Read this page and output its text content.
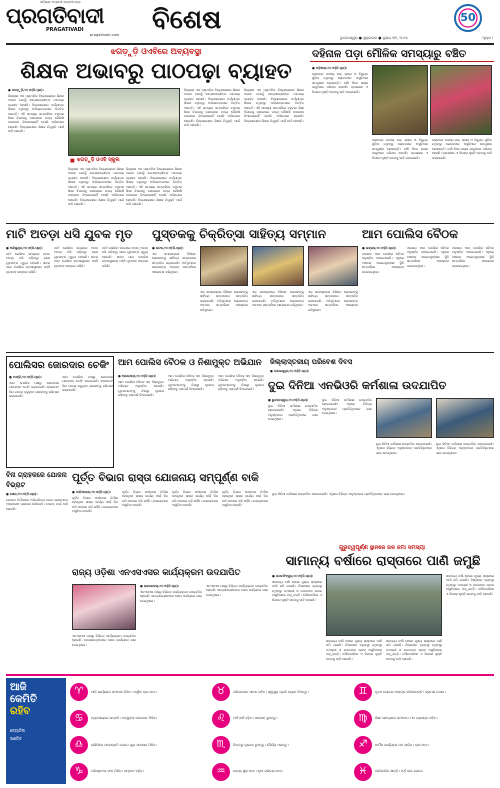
ପ୍ରଗତିବାଦୀ
PRAGATIVADI
ଓଡ଼ିଶାର ଅଗ୍ରଣୀ ସମ୍ବାଦପତ୍ର
pragativadi.com	ବିଶେଷ	50
ଭୁବନେଶ୍ୱର ● ଶୁକ୍ରବାର ● ଜୁଲାଇ ୩୧, ୨୦୨୪	ପୃଷ୍ଠା ୮
ଝଗଡ଼ୁଡ଼ି ଓଏବିରେ ଅବ୍ୟବସ୍ଥା
ଶିକ୍ଷକ ଅଭାବରୁ ପାଠପଢ଼ା ବ୍ୟାହତ
● ଝଗଡ଼ୁଡ଼ି,୨୦।୭(ନି.ପ୍ର):
ଜିଲ୍ଲାର ଏକ ପ୍ରାଥମିକ ବିଦ୍ୟାଳୟରେ ଶିକ୍ଷକ ଅଭାବ ଯୋଗୁଁ ଛାତ୍ରଛାତ୍ରୀଙ୍କ ପାଠପଢ଼ା ବ୍ୟାହତ ହେଉଛି। ବିଦ୍ୟାଳୟରେ ପର୍ଯ୍ୟାପ୍ତ ଶିକ୍ଷକ ନଥିବାରୁ ଅଭିଭାବକମାନେ ଚିନ୍ତିତ ଅଛନ୍ତି। ଏହି ସମସ୍ୟା ସମ୍ପର୍କରେ ବହୁବାର ଶିକ୍ଷା ବିଭାଗକୁ ଜଣାଇଲେ ମଧ୍ୟ କୌଣସି ପଦକ୍ଷେପ ନିଆଯାଇନାହିଁ ବୋଲି ଅଭିଯୋଗ ହୋଇଛି। ବିଦ୍ୟାଳୟରେ ଶିକ୍ଷକ ନିଯୁକ୍ତି ପାଇଁ ଦାବି ହୋଇଛି।
■ ଝଗଡ଼ୁଡ଼ି ଓଏବି ସ୍କୁଲ
ଜିଲ୍ଲାର ଏକ ପ୍ରାଥମିକ ବିଦ୍ୟାଳୟରେ ଶିକ୍ଷକ ଅଭାବ ଯୋଗୁଁ ଛାତ୍ରଛାତ୍ରୀଙ୍କ ପାଠପଢ଼ା ବ୍ୟାହତ ହେଉଛି। ବିଦ୍ୟାଳୟରେ ପର୍ଯ୍ୟାପ୍ତ ଶିକ୍ଷକ ନଥିବାରୁ ଅଭିଭାବକମାନେ ଚିନ୍ତିତ ଅଛନ୍ତି। ଏହି ସମସ୍ୟା ସମ୍ପର୍କରେ ବହୁବାର ଶିକ୍ଷା ବିଭାଗକୁ ଜଣାଇଲେ ମଧ୍ୟ କୌଣସି ପଦକ୍ଷେପ ନିଆଯାଇନାହିଁ ବୋଲି ଅଭିଯୋଗ ହୋଇଛି। ବିଦ୍ୟାଳୟରେ ଶିକ୍ଷକ ନିଯୁକ୍ତି ପାଇଁ ଦାବି ହୋଇଛି।
ଜିଲ୍ଲାର ଏକ ପ୍ରାଥମିକ ବିଦ୍ୟାଳୟରେ ଶିକ୍ଷକ ଅଭାବ ଯୋଗୁଁ ଛାତ୍ରଛାତ୍ରୀଙ୍କ ପାଠପଢ଼ା ବ୍ୟାହତ ହେଉଛି। ବିଦ୍ୟାଳୟରେ ପର୍ଯ୍ୟାପ୍ତ ଶିକ୍ଷକ ନଥିବାରୁ ଅଭିଭାବକମାନେ ଚିନ୍ତିତ ଅଛନ୍ତି। ଏହି ସମସ୍ୟା ସମ୍ପର୍କରେ ବହୁବାର ଶିକ୍ଷା ବିଭାଗକୁ ଜଣାଇଲେ ମଧ୍ୟ କୌଣସି ପଦକ୍ଷେପ ନିଆଯାଇନାହିଁ ବୋଲି ଅଭିଯୋଗ ହୋଇଛି। ବିଦ୍ୟାଳୟରେ ଶିକ୍ଷକ ନିଯୁକ୍ତି ପାଇଁ ଦାବି ହୋଇଛି।
ଜିଲ୍ଲାର ଏକ ପ୍ରାଥମିକ ବିଦ୍ୟାଳୟରେ ଶିକ୍ଷକ ଅଭାବ ଯୋଗୁଁ ଛାତ୍ରଛାତ୍ରୀଙ୍କ ପାଠପଢ଼ା ବ୍ୟାହତ ହେଉଛି। ବିଦ୍ୟାଳୟରେ ପର୍ଯ୍ୟାପ୍ତ ଶିକ୍ଷକ ନଥିବାରୁ ଅଭିଭାବକମାନେ ଚିନ୍ତିତ ଅଛନ୍ତି। ଏହି ସମସ୍ୟା ସମ୍ପର୍କରେ ବହୁବାର ଶିକ୍ଷା ବିଭାଗକୁ ଜଣାଇଲେ ମଧ୍ୟ କୌଣସି ପଦକ୍ଷେପ ନିଆଯାଇନାହିଁ ବୋଲି ଅଭିଯୋଗ ହୋଇଛି। ବିଦ୍ୟାଳୟରେ ଶିକ୍ଷକ ନିଯୁକ୍ତି ପାଇଁ ଦାବି ହୋଇଛି।
ଜିଲ୍ଲାର ଏକ ପ୍ରାଥମିକ ବିଦ୍ୟାଳୟରେ ଶିକ୍ଷକ ଅଭାବ ଯୋଗୁଁ ଛାତ୍ରଛାତ୍ରୀଙ୍କ ପାଠପଢ଼ା ବ୍ୟାହତ ହେଉଛି। ବିଦ୍ୟାଳୟରେ ପର୍ଯ୍ୟାପ୍ତ ଶିକ୍ଷକ ନଥିବାରୁ ଅଭିଭାବକମାନେ ଚିନ୍ତିତ ଅଛନ୍ତି। ଏହି ସମସ୍ୟା ସମ୍ପର୍କରେ ବହୁବାର ଶିକ୍ଷା ବିଭାଗକୁ ଜଣାଇଲେ ମଧ୍ୟ କୌଣସି ପଦକ୍ଷେପ ନିଆଯାଇନାହିଁ ବୋଲି ଅଭିଯୋଗ ହୋଇଛି। ବିଦ୍ୟାଳୟରେ ଶିକ୍ଷକ ନିଯୁକ୍ତି ପାଇଁ ଦାବି ହୋଇଛି।
ଦହିନାଳ ପଡ଼ା ମୌଳିକ ସମସ୍ୟାରୁ ବଞ୍ଚିତ
● ଅଡ଼ିଆକ,୨୦।୭(ନି.ପ୍ର):
ଗ୍ରାମରେ ପାନୀୟ ଜଳ, ରାସ୍ତା ଓ ବିଦ୍ୟୁତ୍ ସୁବିଧା ନଥିବାରୁ ଲୋକମାନେ ଅସୁବିଧାର ସମ୍ମୁଖୀନ ହେଉଛନ୍ତି। ବର୍ଷା ଦିନେ ରାସ୍ତା କାଦୁଅରେ ପରିଣତ ହେଉଛି। ପ୍ରଶାସନ ଏ ଦିଗରେ ଦୃଷ୍ଟି ଦେବାକୁ ଦାବି କରାଯାଇଛି।
ଗ୍ରାମରେ ପାନୀୟ ଜଳ, ରାସ୍ତା ଓ ବିଦ୍ୟୁତ୍ ସୁବିଧା ନଥିବାରୁ ଲୋକମାନେ ଅସୁବିଧାର ସମ୍ମୁଖୀନ ହେଉଛନ୍ତି। ବର୍ଷା ଦିନେ ରାସ୍ତା କାଦୁଅରେ ପରିଣତ ହେଉଛି। ପ୍ରଶାସନ ଏ ଦିଗରେ ଦୃଷ୍ଟି ଦେବାକୁ ଦାବି କରାଯାଇଛି।
ଗ୍ରାମରେ ପାନୀୟ ଜଳ, ରାସ୍ତା ଓ ବିଦ୍ୟୁତ୍ ସୁବିଧା ନଥିବାରୁ ଲୋକମାନେ ଅସୁବିଧାର ସମ୍ମୁଖୀନ ହେଉଛନ୍ତି। ବର୍ଷା ଦିନେ ରାସ୍ତା କାଦୁଅରେ ପରିଣତ ହେଉଛି। ପ୍ରଶାସନ ଏ ଦିଗରେ ଦୃଷ୍ଟି ଦେବାକୁ ଦାବି କରାଯାଇଛି।
ମାଟି ଅତଡ଼ା ଧସି ଯୁବକ ମୃତ
● ଅଣିକୁଣ୍ଡ,୨୦।୭(ନି.ପ୍ର):
ମାଟି ଖୋଳିବା ସମୟରେ ହଠାତ୍ ଅତଡ଼ା ଧସି ପଡ଼ିବାରୁ ଜଣେ ଯୁବକଙ୍କ ମୃତ୍ୟୁ ହୋଇଛି। ଖବର ପାଇ ପୋଲିସ ଘଟଣାସ୍ଥଳରେ ପହଞ୍ଚି ମୃତଦେହ ଉଦ୍ଧାର କରିଛି।
ମାଟି ଖୋଳିବା ସମୟରେ ହଠାତ୍ ଅତଡ଼ା ଧସି ପଡ଼ିବାରୁ ଜଣେ ଯୁବକଙ୍କ ମୃତ୍ୟୁ ହୋଇଛି। ଖବର ପାଇ ପୋଲିସ ଘଟଣାସ୍ଥଳରେ ପହଞ୍ଚି ମୃତଦେହ ଉଦ୍ଧାର କରିଛି।
ମାଟି ଖୋଳିବା ସମୟରେ ହଠାତ୍ ଅତଡ଼ା ଧସି ପଡ଼ିବାରୁ ଜଣେ ଯୁବକଙ୍କ ମୃତ୍ୟୁ ହୋଇଛି। ଖବର ପାଇ ପୋଲିସ ଘଟଣାସ୍ଥଳରେ ପହଞ୍ଚି ମୃତଦେହ ଉଦ୍ଧାର କରିଛି।
ପୁସ୍ତକକୁ ଚିକ୍ରିତ୍ସା ସାହିତ୍ୟ ସମ୍ମାନ
● କଟକ,୨୦।୭(ନି.ପ୍ର):
ଏକ ସମାରୋହରେ ବିଶିଷ୍ଟ ଲେଖକଙ୍କୁ ସାହିତ୍ୟ ସମ୍ମାନରେ ସମ୍ମାନିତ କରାଯାଇଛି। ଅତିଥିମାନେ ଲେଖକଙ୍କ ଅବଦାନ ସମ୍ପର୍କରେ ଆଲୋଚନା କରିଥିଲେ।
ଏକ ସମାରୋହରେ ବିଶିଷ୍ଟ ଲେଖକଙ୍କୁ ସାହିତ୍ୟ ସମ୍ମାନରେ ସମ୍ମାନିତ କରାଯାଇଛି। ଅତିଥିମାନେ ଲେଖକଙ୍କ ଅବଦାନ ସମ୍ପର୍କରେ ଆଲୋଚନା କରିଥିଲେ।
ଏକ ସମାରୋହରେ ବିଶିଷ୍ଟ ଲେଖକଙ୍କୁ ସାହିତ୍ୟ ସମ୍ମାନରେ ସମ୍ମାନିତ କରାଯାଇଛି। ଅତିଥିମାନେ ଲେଖକଙ୍କ ଅବଦାନ ସମ୍ପର୍କରେ ଆଲୋଚନା କରିଥିଲେ।
ଏକ ସମାରୋହରେ ବିଶିଷ୍ଟ ଲେଖକଙ୍କୁ ସାହିତ୍ୟ ସମ୍ମାନରେ ସମ୍ମାନିତ କରାଯାଇଛି। ଅତିଥିମାନେ ଲେଖକଙ୍କ ଅବଦାନ ସମ୍ପର୍କରେ ଆଲୋଚନା କରିଥିଲେ।
ଆମ ପୋଲିସ ବୈଠକ
● ଭଦ୍ରକ,୨୦।୭(ନି.ପ୍ର):
ଥାନାରେ ଆମ ପୋଲିସ ବୈଠକ ଅନୁଷ୍ଠିତ ହୋଇଯାଇଛି। ଏଥିରେ ଅଞ୍ଚଳର ଆଇନଶୃଙ୍ଖଳା ସ୍ଥିତି ସମ୍ପର୍କରେ ଆଲୋଚନା କରାଯାଇଥିଲା।
ଥାନାରେ ଆମ ପୋଲିସ ବୈଠକ ଅନୁଷ୍ଠିତ ହୋଇଯାଇଛି। ଏଥିରେ ଅଞ୍ଚଳର ଆଇନଶୃଙ୍ଖଳା ସ୍ଥିତି ସମ୍ପର୍କରେ ଆଲୋଚନା କରାଯାଇଥିଲା।
ଥାନାରେ ଆମ ପୋଲିସ ବୈଠକ ଅନୁଷ୍ଠିତ ହୋଇଯାଇଛି। ଏଥିରେ ଅଞ୍ଚଳର ଆଇନଶୃଙ୍ଖଳା ସ୍ଥିତି ସମ୍ପର୍କରେ ଆଲୋଚନା କରାଯାଇଥିଲା।
ପୋଲିସର ଜୋରଦାର ଚେକିଂ
● ଟାଙ୍ଗି,୨୦।୭(ନି.ପ୍ର):
ଥାନା ପୋଲିସ ପକ୍ଷରୁ ଜୋରଦାର ଯାନବାହନ ଚେକିଂ କରାଯାଇଛି। ହେଲମେଟ ବିନା ଯାତ୍ରା କରୁଥିବା ଚାଳକଙ୍କୁ ଜରିମାନା କରାଯାଇଛି।
ଥାନା ପୋଲିସ ପକ୍ଷରୁ ଜୋରଦାର ଯାନବାହନ ଚେକିଂ କରାଯାଇଛି। ହେଲମେଟ ବିନା ଯାତ୍ରା କରୁଥିବା ଚାଳକଙ୍କୁ ଜରିମାନା କରାଯାଇଛି।
ଆମ ପୋଲିସ ବୈଠକ ଓ ନିଶାମୁକ୍ତ ଅଭିଯାନ
● ଆଗରପଡ଼ା,୨୦।୭(ନି.ପ୍ର):
ଆମ ପୋଲିସ ବୈଠକ ସହ ନିଶାମୁକ୍ତ ଅଭିଯାନ ଅନୁଷ୍ଠିତ ହୋଇଛି। ଯୁବକମାନଙ୍କୁ ନିଶାରୁ ଦୂରେଇ ରହିବାକୁ ପରାମର୍ଶ ଦିଆଯାଇଛି।
ଆମ ପୋଲିସ ବୈଠକ ସହ ନିଶାମୁକ୍ତ ଅଭିଯାନ ଅନୁଷ୍ଠିତ ହୋଇଛି। ଯୁବକମାନଙ୍କୁ ନିଶାରୁ ଦୂରେଇ ରହିବାକୁ ପରାମର୍ଶ ଦିଆଯାଇଛି।
ଆମ ପୋଲିସ ବୈଠକ ସହ ନିଶାମୁକ୍ତ ଅଭିଯାନ ଅନୁଷ୍ଠିତ ହୋଇଛି। ଯୁବକମାନଙ୍କୁ ନିଶାରୁ ଦୂରେଇ ରହିବାକୁ ପରାମର୍ଶ ଦିଆଯାଇଛି।
ଜିଲ୍ଲାସ୍ତରୀୟ ପରିବେଶ ଦିବସ
● ବାଲେଶ୍ୱର,୨୦।୭(ନି.ପ୍ର):
ଦୁଇ ଦିନିଆ ଏନଭିଓରି କର୍ମଶାଳା ଉଦଯାପିତ
● ଭୁବନେଶ୍ୱର,୨୦।୭(ନି.ପ୍ର):
ଦୁଇ ଦିନିଆ କର୍ମଶାଳା ଉଦ୍ଯାପିତ ହୋଇଯାଇଛି। ଏଥିରେ ବିଭିନ୍ନ ଅନୁଷ୍ଠାନର ପ୍ରତିନିଧିମାନେ ଭାଗ ନେଇଥିଲେ।
ଦୁଇ ଦିନିଆ କର୍ମଶାଳା ଉଦ୍ଯାପିତ ହୋଇଯାଇଛି। ଏଥିରେ ବିଭିନ୍ନ ଅନୁଷ୍ଠାନର ପ୍ରତିନିଧିମାନେ ଭାଗ ନେଇଥିଲେ।
ଦୁଇ ଦିନିଆ କର୍ମଶାଳା ଉଦ୍ଯାପିତ ହୋଇଯାଇଛି। ଏଥିରେ ବିଭିନ୍ନ ଅନୁଷ୍ଠାନର ପ୍ରତିନିଧିମାନେ ଭାଗ ନେଇଥିଲେ।
ଦୁଇ ଦିନିଆ କର୍ମଶାଳା ଉଦ୍ଯାପିତ ହୋଇଯାଇଛି। ଏଥିରେ ବିଭିନ୍ନ ଅନୁଷ୍ଠାନର ପ୍ରତିନିଧିମାନେ ଭାଗ ନେଇଥିଲେ।
ବିନା ଗ୍ରାହକରେ ଯୋଜନା ବିଭ୍ରାଟ
● ସୋର,୨୦।୭(ନି.ପ୍ର):
ଯୋଜନା ନିର୍ମାଣରେ ଅନିୟମିତତା ନେଇ ଲୋକମାନେ ଅସନ୍ତୋଷ ପ୍ରକାଶ କରିଛନ୍ତି। ତଦନ୍ତ ପାଇଁ ଦାବି ହୋଇଛି।
ପୂର୍ତ୍ତ ବିଭାଗ ରାସ୍ତା ଯୋଜନାୟ ସମ୍ପୂର୍ଣ୍ଣ ବାକି
● ବାଲିଆପାଳ,୨୦।୭(ନି.ପ୍ର):
ପୂର୍ତ୍ତ ବିଭାଗ ଅଧୀନରେ ନିର୍ମାଣ ହେଉଥିବା ରାସ୍ତା କାର୍ଯ୍ୟ ଦୀର୍ଘ ଦିନ ଧରି ଅଧାରେ ପଡ଼ି ରହିଛି। ଯାତାୟାତରେ ଅସୁବିଧା ହେଉଛି।
ପୂର୍ତ୍ତ ବିଭାଗ ଅଧୀନରେ ନିର୍ମାଣ ହେଉଥିବା ରାସ୍ତା କାର୍ଯ୍ୟ ଦୀର୍ଘ ଦିନ ଧରି ଅଧାରେ ପଡ଼ି ରହିଛି। ଯାତାୟାତରେ ଅସୁବିଧା ହେଉଛି।
ପୂର୍ତ୍ତ ବିଭାଗ ଅଧୀନରେ ନିର୍ମାଣ ହେଉଥିବା ରାସ୍ତା କାର୍ଯ୍ୟ ଦୀର୍ଘ ଦିନ ଧରି ଅଧାରେ ପଡ଼ି ରହିଛି। ଯାତାୟାତରେ ଅସୁବିଧା ହେଉଛି।
ପୂର୍ତ୍ତ ବିଭାଗ ଅଧୀନରେ ନିର୍ମାଣ ହେଉଥିବା ରାସ୍ତା କାର୍ଯ୍ୟ ଦୀର୍ଘ ଦିନ ଧରି ଅଧାରେ ପଡ଼ି ରହିଛି। ଯାତାୟାତରେ ଅସୁବିଧା ହେଉଛି।
ଦୁଇ ଦିନିଆ କର୍ମଶାଳା ଉଦ୍ଯାପିତ ହୋଇଯାଇଛି। ଏଥିରେ ବିଭିନ୍ନ ଅନୁଷ୍ଠାନର ପ୍ରତିନିଧିମାନେ ଭାଗ ନେଇଥିଲେ।
ରାଜ୍ୟ ଓଡ଼ିଶା ଏନଏସଏସର କାର୍ଯ୍ୟକ୍ରମ ଉଦଯାପିତ
● ରାଉରକେଲା,୨୦।୭(ନି.ପ୍ର):
ଏନଏସଏସ ପକ୍ଷରୁ ବିଭିନ୍ନ କାର୍ଯ୍ୟକ୍ରମ ଉଦ୍ଯାପିତ ହୋଇଛି। ଛାତ୍ରଛାତ୍ରୀମାନେ ସେବା କାର୍ଯ୍ୟରେ ଭାଗ ନେଇଥିଲେ।
ଏନଏସଏସ ପକ୍ଷରୁ ବିଭିନ୍ନ କାର୍ଯ୍ୟକ୍ରମ ଉଦ୍ଯାପିତ ହୋଇଛି। ଛାତ୍ରଛାତ୍ରୀମାନେ ସେବା କାର୍ଯ୍ୟରେ ଭାଗ ନେଇଥିଲେ।
ଏନଏସଏସ ପକ୍ଷରୁ ବିଭିନ୍ନ କାର୍ଯ୍ୟକ୍ରମ ଉଦ୍ଯାପିତ ହୋଇଛି। ଛାତ୍ରଛାତ୍ରୀମାନେ ସେବା କାର୍ଯ୍ୟରେ ଭାଗ ନେଇଥିଲେ।
ଗୁରୁତ୍ୱପୂର୍ଣ୍ଣ ସ୍ଥାନରେ ଜଳ ଜମା ସମସ୍ୟା
ସାମାନ୍ୟ ବର୍ଷାରେ ରାସ୍ତାରେ ପାଣି ଜମୁଛି
● ଜଗତସିଂହପୁର,୨୦।୭(ନି.ପ୍ର):
ସାମାନ୍ୟ ବର୍ଷା ହେଲେ ମୁଖ୍ୟ ରାସ୍ତାରେ ପାଣି ଜମି ଯାଉଛି। ନିଷ୍କାସନ ବ୍ୟବସ୍ଥା ନଥିବାରୁ ପଥଚାରୀ ଓ ଯାନବାହନ ଚାଳକ ଅସୁବିଧାରେ ପଡ଼ୁଛନ୍ତି। ପୌରପାଳିକା ଏ ଦିଗରେ ଦୃଷ୍ଟି ଦେବାକୁ ଦାବି ହୋଇଛି।
ସାମାନ୍ୟ ବର୍ଷା ହେଲେ ମୁଖ୍ୟ ରାସ୍ତାରେ ପାଣି ଜମି ଯାଉଛି। ନିଷ୍କାସନ ବ୍ୟବସ୍ଥା ନଥିବାରୁ ପଥଚାରୀ ଓ ଯାନବାହନ ଚାଳକ ଅସୁବିଧାରେ ପଡ଼ୁଛନ୍ତି। ପୌରପାଳିକା ଏ ଦିଗରେ ଦୃଷ୍ଟି ଦେବାକୁ ଦାବି ହୋଇଛି।
ସାମାନ୍ୟ ବର୍ଷା ହେଲେ ମୁଖ୍ୟ ରାସ୍ତାରେ ପାଣି ଜମି ଯାଉଛି। ନିଷ୍କାସନ ବ୍ୟବସ୍ଥା ନଥିବାରୁ ପଥଚାରୀ ଓ ଯାନବାହନ ଚାଳକ ଅସୁବିଧାରେ ପଡ଼ୁଛନ୍ତି। ପୌରପାଳିକା ଏ ଦିଗରେ ଦୃଷ୍ଟି ଦେବାକୁ ଦାବି ହୋଇଛି।
ସାମାନ୍ୟ ବର୍ଷା ହେଲେ ମୁଖ୍ୟ ରାସ୍ତାରେ ପାଣି ଜମି ଯାଉଛି। ନିଷ୍କାସନ ବ୍ୟବସ୍ଥା ନଥିବାରୁ ପଥଚାରୀ ଓ ଯାନବାହନ ଚାଳକ ଅସୁବିଧାରେ ପଡ଼ୁଛନ୍ତି। ପୌରପାଳିକା ଏ ଦିଗରେ ଦୃଷ୍ଟି ଦେବାକୁ ଦାବି ହୋଇଛି।
ଆଜି
କେମିତି
ରହିବ
ଜ୍ୟୋତିଷ
ପଣ୍ଡିତ
♈	ଆଜି କାର୍ଯ୍ୟରେ ସଫଳତା ମିଳିବ। ଆର୍ଥିକ ଲାଭ ହେବ।	♉	ପରିବାରରେ ଆନନ୍ଦ ରହିବ। ସ୍ୱାସ୍ଥ୍ୟ ପ୍ରତି ଧ୍ୟାନ ଦିଅନ୍ତୁ।	♊	ନୂତନ ଯୋଜନା ଆରମ୍ଭ କରିପାରନ୍ତି। ଭ୍ରମଣ ଯୋଗ।
♋	ବ୍ୟବସାୟରେ ଉନ୍ନତି। ବନ୍ଧୁଙ୍କ ସହଯୋଗ ମିଳିବ।	♌	ଅର୍ଥ ଖର୍ଚ୍ଚ ବଢ଼ିବ। ସାବଧାନ ରୁହନ୍ତୁ।	♍	ଶିକ୍ଷା କ୍ଷେତ୍ରରେ ସଫଳତା। ମନ ପ୍ରସନ୍ନ ରହିବ।
♎	ଚାକିରିରେ ପଦୋନ୍ନତି ଯୋଗ। ଶୁଭ ସମାଚାର ମିଳିବ।	♏	ବିବାଦରୁ ଦୂରେଇ ରୁହନ୍ତୁ। ଧୈର୍ଯ୍ୟ ଧରନ୍ତୁ।	♐	ଧାର୍ମିକ କାର୍ଯ୍ୟରେ ମନ ଲାଗିବ। ଲାଭ ହେବ।
♑	ପରିଶ୍ରମର ଫଳ ମିଳିବ। ସମ୍ମାନ ବଢ଼ିବ।	♒	ଯାତ୍ରା ଶୁଭ ହେବ। ନୂଆ ପରିଚୟ ହେବ।	♓	ପାରିବାରିକ ଶାନ୍ତି। ଅର୍ଥ ଲାଭ ଯୋଗ।
